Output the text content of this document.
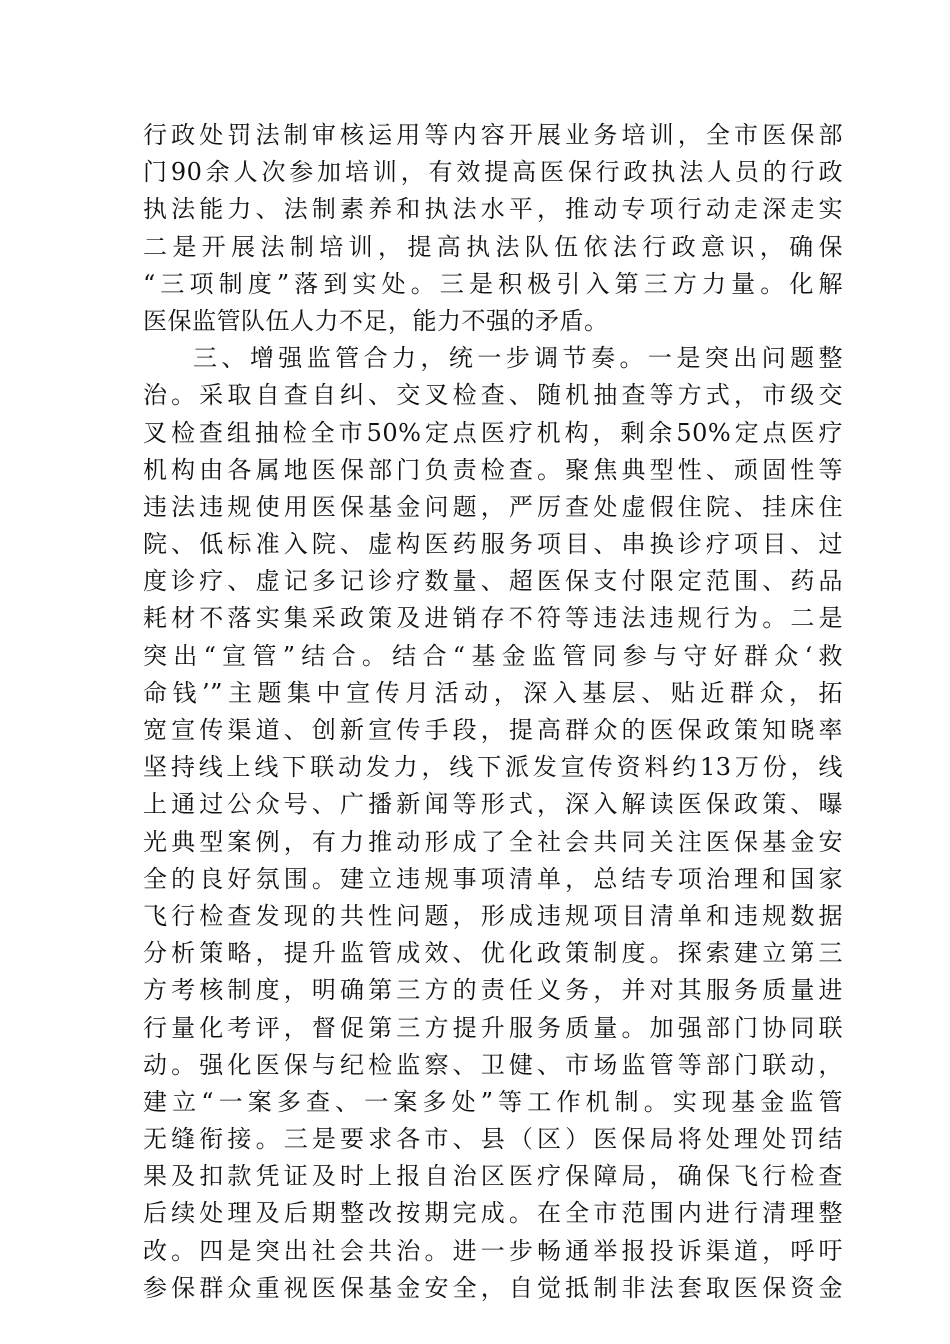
行政处罚法制审核运用等内容开展业务培训，全市医保部
门90余人次参加培训，有效提高医保行政执法人员的行政
执法能力、法制素养和执法水平，推动专项行动走深走实
二是开展法制培训，提高执法队伍依法行政意识，确保
“三项制度”落到实处。三是积极引入第三方力量。化解
医保监管队伍人力不足，能力不强的矛盾。
三、增强监管合力，统一步调节奏。一是突出问题整
治。采取自查自纠、交叉检查、随机抽查等方式，市级交
叉检查组抽检全市50%定点医疗机构，剩余50%定点医疗
机构由各属地医保部门负责检查。聚焦典型性、顽固性等
违法违规使用医保基金问题，严厉查处虚假住院、挂床住
院、低标准入院、虚构医药服务项目、串换诊疗项目、过
度诊疗、虚记多记诊疗数量、超医保支付限定范围、药品
耗材不落实集采政策及进销存不符等违法违规行为。二是
突出“宣管”结合。结合“基金监管同参与守好群众‘救
命钱’”主题集中宣传月活动，深入基层、贴近群众，拓
宽宣传渠道、创新宣传手段，提高群众的医保政策知晓率
坚持线上线下联动发力，线下派发宣传资料约13万份，线
上通过公众号、广播新闻等形式，深入解读医保政策、曝
光典型案例，有力推动形成了全社会共同关注医保基金安
全的良好氛围。建立违规事项清单，总结专项治理和国家
飞行检查发现的共性问题，形成违规项目清单和违规数据
分析策略，提升监管成效、优化政策制度。探索建立第三
方考核制度，明确第三方的责任义务，并对其服务质量进
行量化考评，督促第三方提升服务质量。加强部门协同联
动。强化医保与纪检监察、卫健、市场监管等部门联动，
建立“一案多查、一案多处”等工作机制。实现基金监管
无缝衔接。三是要求各市、县（区）医保局将处理处罚结
果及扣款凭证及时上报自治区医疗保障局，确保飞行检查
后续处理及后期整改按期完成。在全市范围内进行清理整
改。四是突出社会共治。进一步畅通举报投诉渠道，呼吁
参保群众重视医保基金安全，自觉抵制非法套取医保资金
